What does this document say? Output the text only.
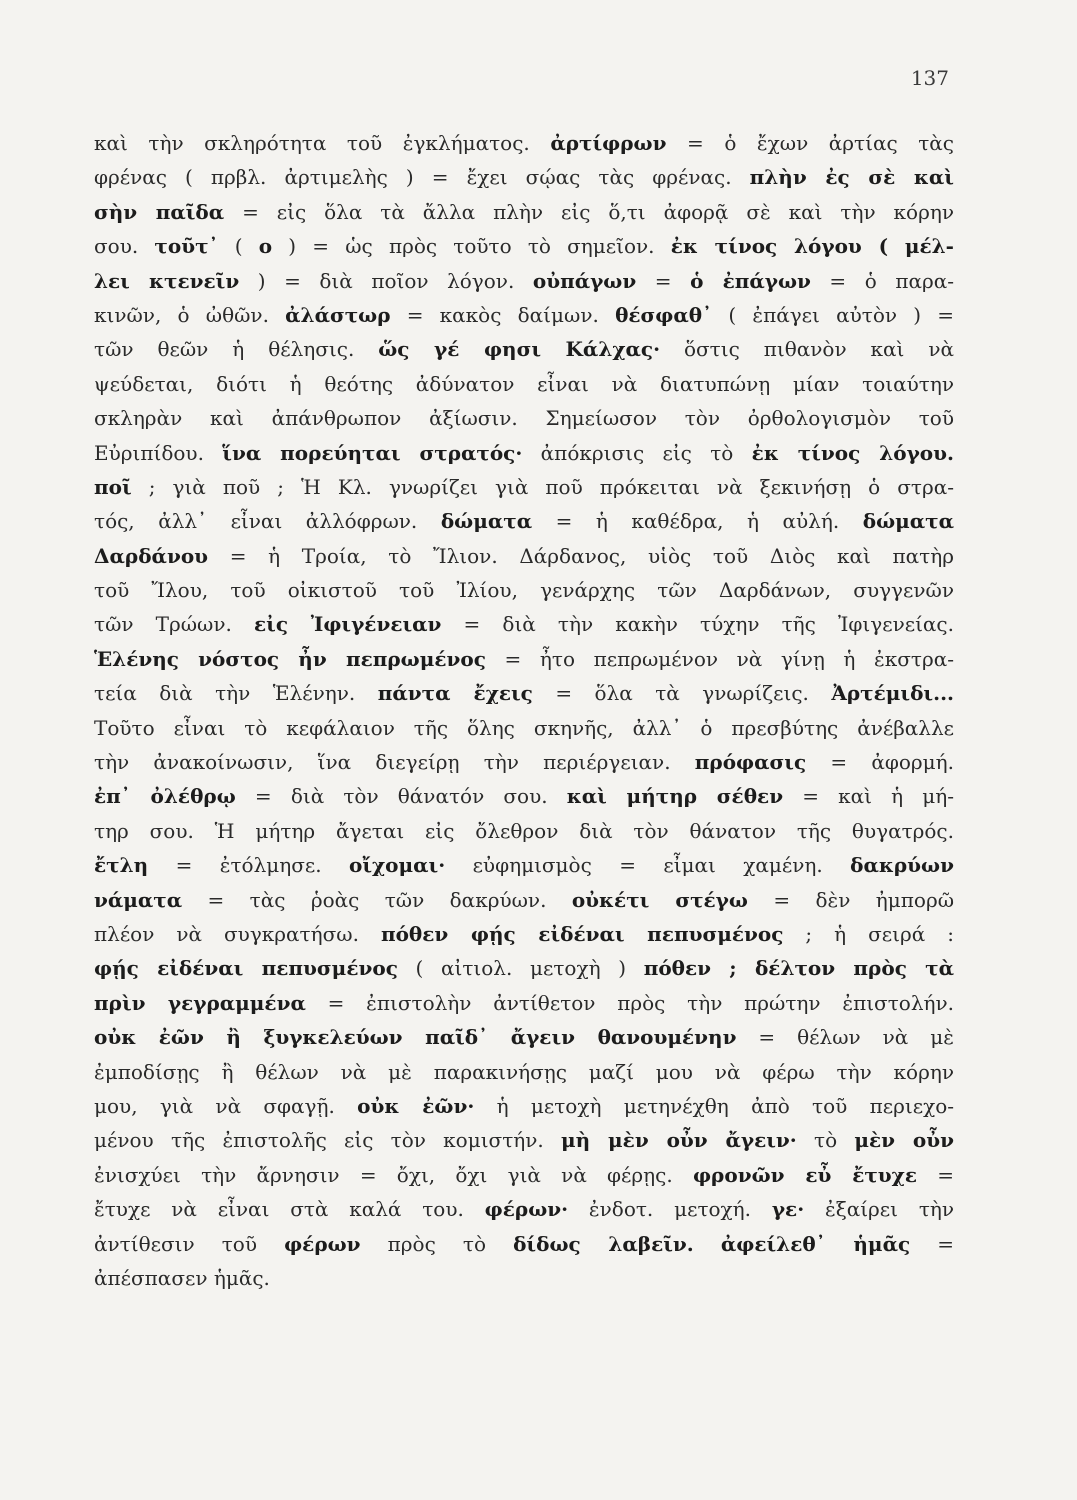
137
καὶ τὴν σκληρότητα τοῦ ἐγκλήματος. ἀρτίφρων = ὁ ἔχων ἀρτίας τὰς
φρένας ( πρβλ. ἀρτιμελὴς ) = ἔχει σῴας τὰς φρένας. πλὴν ἐς σὲ καὶ
σὴν παῖδα = εἰς ὅλα τὰ ἄλλα πλὴν εἰς ὅ,τι ἀφορᾷ σὲ καὶ τὴν κόρην
σου. τοῦτ᾽ ( ο ) = ὡς πρὸς τοῦτο τὸ σημεῖον. ἐκ τίνος λόγου ( μέλ-
λει κτενεῖν ) = διὰ ποῖον λόγον. οὐπάγων = ὁ ἐπάγων = ὁ παρα-
κινῶν, ὁ ὠθῶν. ἀλάστωρ = κακὸς δαίμων. θέσφαθ᾽ ( ἐπάγει αὐτὸν ) =
τῶν θεῶν ἡ θέλησις. ὥς γέ φησι Κάλχας· ὅστις πιθανὸν καὶ νὰ
ψεύδεται, διότι ἡ θεότης ἀδύνατον εἶναι νὰ διατυπώνῃ μίαν τοιαύτην
σκληρὰν καὶ ἀπάνθρωπον ἀξίωσιν. Σημείωσον τὸν ὀρθολογισμὸν τοῦ
Εὐριπίδου. ἵνα πορεύηται στρατός· ἀπόκρισις εἰς τὸ ἐκ τίνος λόγου.
ποῖ ; γιὰ ποῦ ; Ἡ Κλ. γνωρίζει γιὰ ποῦ πρόκειται νὰ ξεκινήσῃ ὁ στρα-
τός, ἀλλ᾽ εἶναι ἀλλόφρων. δώματα = ἡ καθέδρα, ἡ αὐλή. δώματα
Δαρδάνου = ἡ Τροία, τὸ Ἴλιον. Δάρδανος, υἱὸς τοῦ Διὸς καὶ πατὴρ
τοῦ Ἴλου, τοῦ οἰκιστοῦ τοῦ Ἰλίου, γενάρχης τῶν Δαρδάνων, συγγενῶν
τῶν Τρώων. εἰς Ἰφιγένειαν = διὰ τὴν κακὴν τύχην τῆς Ἰφιγενείας.
Ἑλένης νόστος ἦν πεπρωμένος = ἦτο πεπρωμένον νὰ γίνῃ ἡ ἐκστρα-
τεία διὰ τὴν Ἑλένην. πάντα ἔχεις = ὅλα τὰ γνωρίζεις. Ἀρτέμιδι...
Τοῦτο εἶναι τὸ κεφάλαιον τῆς ὅλης σκηνῆς, ἀλλ᾽ ὁ πρεσβύτης ἀνέβαλλε
τὴν ἀνακοίνωσιν, ἵνα διεγείρῃ τὴν περιέργειαν. πρόφασις = ἀφορμή.
ἐπ᾽ ὀλέθρῳ = διὰ τὸν θάνατόν σου. καὶ μήτηρ σέθεν = καὶ ἡ μή-
τηρ σου. Ἡ μήτηρ ἄγεται εἰς ὄλεθρον διὰ τὸν θάνατον τῆς θυγατρός.
ἔτλη = ἐτόλμησε. οἴχομαι· εὐφημισμὸς = εἶμαι χαμένη. δακρύων
νάματα = τὰς ῥοὰς τῶν δακρύων. οὐκέτι στέγω = δὲν ἠμπορῶ
πλέον νὰ συγκρατήσω. πόθεν φῄς εἰδέναι πεπυσμένος ; ἡ σειρά :
φῄς εἰδέναι πεπυσμένος ( αἰτιολ. μετοχὴ ) πόθεν ; δέλτον πρὸς τὰ
πρὶν γεγραμμένα = ἐπιστολὴν ἀντίθετον πρὸς τὴν πρώτην ἐπιστολήν.
οὐκ ἐῶν ἢ ξυγκελεύων παῖδ᾽ ἄγειν θανουμένην = θέλων νὰ μὲ
ἐμποδίσῃς ἢ θέλων νὰ μὲ παρακινήσῃς μαζί μου νὰ φέρω τὴν κόρην
μου, γιὰ νὰ σφαγῇ. οὐκ ἐῶν· ἡ μετοχὴ μετηνέχθη ἀπὸ τοῦ περιεχο-
μένου τῆς ἐπιστολῆς εἰς τὸν κομιστήν. μὴ μὲν οὖν ἄγειν· τὸ μὲν οὖν
ἐνισχύει τὴν ἄρνησιν = ὄχι, ὄχι γιὰ νὰ φέρῃς. φρονῶν εὖ ἔτυχε =
ἔτυχε νὰ εἶναι στὰ καλά του. φέρων· ἐνδοτ. μετοχή. γε· ἐξαίρει τὴν
ἀντίθεσιν τοῦ φέρων πρὸς τὸ δίδως λαβεῖν. ἀφείλεθ᾽ ἡμᾶς =
ἀπέσπασεν ἡμᾶς.
